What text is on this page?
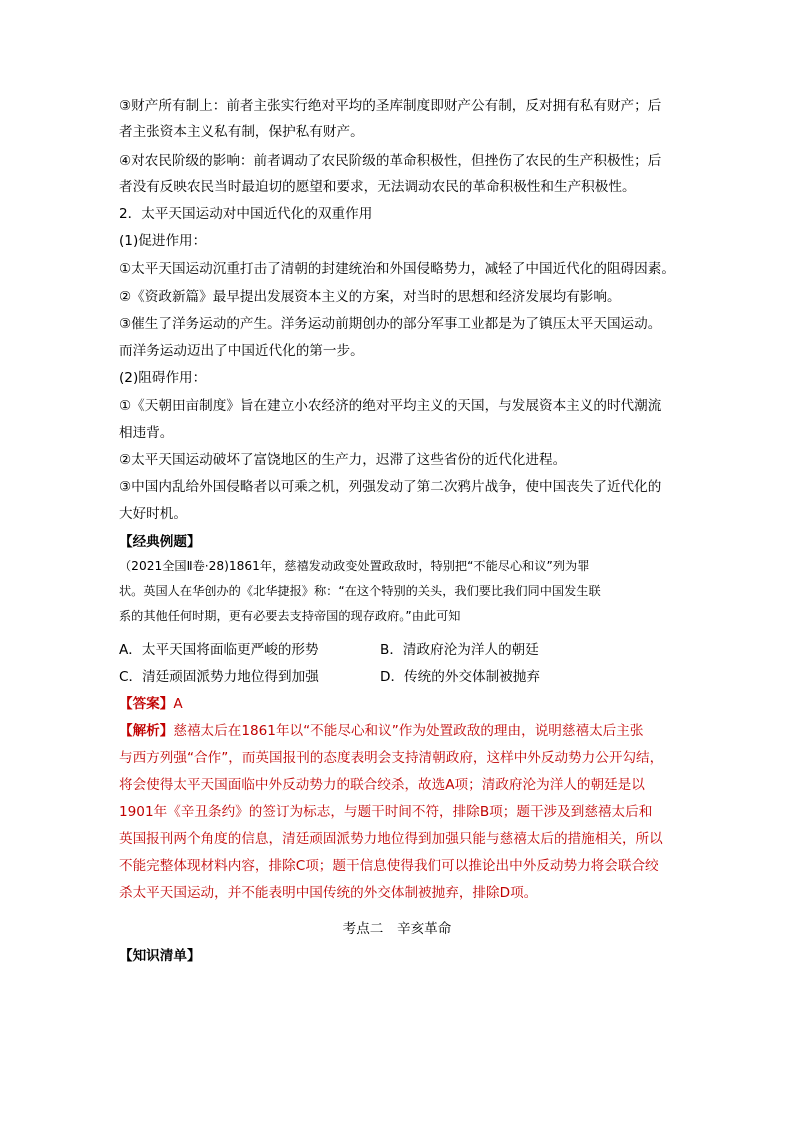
③财产所有制上：前者主张实行绝对平均的圣库制度即财产公有制，反对拥有私有财产；后
者主张资本主义私有制，保护私有财产。
④对农民阶级的影响：前者调动了农民阶级的革命积极性，但挫伤了农民的生产积极性；后
者没有反映农民当时最迫切的愿望和要求，无法调动农民的革命积极性和生产积极性。
2．太平天国运动对中国近代化的双重作用
(1)促进作用：
①太平天国运动沉重打击了清朝的封建统治和外国侵略势力，减轻了中国近代化的阻碍因素。
②《资政新篇》最早提出发展资本主义的方案，对当时的思想和经济发展均有影响。
③催生了洋务运动的产生。洋务运动前期创办的部分军事工业都是为了镇压太平天国运动。
而洋务运动迈出了中国近代化的第一步。
(2)阻碍作用：
①《天朝田亩制度》旨在建立小农经济的绝对平均主义的天国，与发展资本主义的时代潮流
相违背。
②太平天国运动破坏了富饶地区的生产力，迟滞了这些省份的近代化进程。
③中国内乱给外国侵略者以可乘之机，列强发动了第二次鸦片战争，使中国丧失了近代化的
大好时机。
【经典例题】
（2021全国Ⅱ卷·28)1861年，慈禧发动政变处置政敌时，特别把“不能尽心和议”列为罪
状。英国人在华创办的《北华捷报》称：“在这个特别的关头，我们要比我们同中国发生联
系的其他任何时期，更有必要去支持帝国的现存政府。”由此可知
A．太平天国将面临更严峻的形势	B．清政府沦为洋人的朝廷
C．清廷顽固派势力地位得到加强	D．传统的外交体制被抛弃
【答案】A
【解析】慈禧太后在1861年以“不能尽心和议”作为处置政敌的理由，说明慈禧太后主张
与西方列强“合作”，而英国报刊的态度表明会支持清朝政府，这样中外反动势力公开勾结，
将会使得太平天国面临中外反动势力的联合绞杀，故选A项；清政府沦为洋人的朝廷是以
1901年《辛丑条约》的签订为标志，与题干时间不符，排除B项；题干涉及到慈禧太后和
英国报刊两个角度的信息，清廷顽固派势力地位得到加强只能与慈禧太后的措施相关，所以
不能完整体现材料内容，排除C项；题干信息使得我们可以推论出中外反动势力将会联合绞
杀太平天国运动，并不能表明中国传统的外交体制被抛弃，排除D项。
考点二　辛亥革命
【知识清单】
